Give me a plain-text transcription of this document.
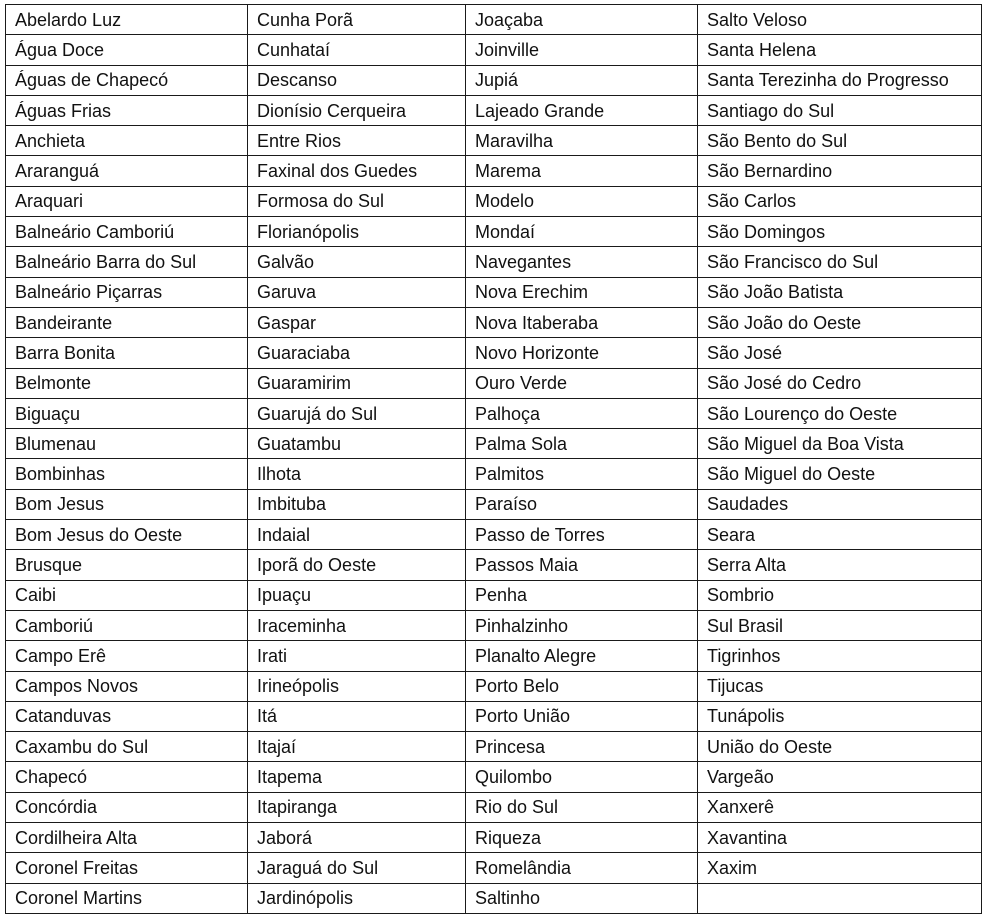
Abelardo Luz	Cunha Porã	Joaçaba	Salto Veloso
Água Doce	Cunhataí	Joinville	Santa Helena
Águas de Chapecó	Descanso	Jupiá	Santa Terezinha do Progresso
Águas Frias	Dionísio Cerqueira	Lajeado Grande	Santiago do Sul
Anchieta	Entre Rios	Maravilha	São Bento do Sul
Araranguá	Faxinal dos Guedes	Marema	São Bernardino
Araquari	Formosa do Sul	Modelo	São Carlos
Balneário Camboriú	Florianópolis	Mondaí	São Domingos
Balneário Barra do Sul	Galvão	Navegantes	São Francisco do Sul
Balneário Piçarras	Garuva	Nova Erechim	São João Batista
Bandeirante	Gaspar	Nova Itaberaba	São João do Oeste
Barra Bonita	Guaraciaba	Novo Horizonte	São José
Belmonte	Guaramirim	Ouro Verde	São José do Cedro
Biguaçu	Guarujá do Sul	Palhoça	São Lourenço do Oeste
Blumenau	Guatambu	Palma Sola	São Miguel da Boa Vista
Bombinhas	Ilhota	Palmitos	São Miguel do Oeste
Bom Jesus	Imbituba	Paraíso	Saudades
Bom Jesus do Oeste	Indaial	Passo de Torres	Seara
Brusque	Iporã do Oeste	Passos Maia	Serra Alta
Caibi	Ipuaçu	Penha	Sombrio
Camboriú	Iraceminha	Pinhalzinho	Sul Brasil
Campo Erê	Irati	Planalto Alegre	Tigrinhos
Campos Novos	Irineópolis	Porto Belo	Tijucas
Catanduvas	Itá	Porto União	Tunápolis
Caxambu do Sul	Itajaí	Princesa	União do Oeste
Chapecó	Itapema	Quilombo	Vargeão
Concórdia	Itapiranga	Rio do Sul	Xanxerê
Cordilheira Alta	Jaborá	Riqueza	Xavantina
Coronel Freitas	Jaraguá do Sul	Romelândia	Xaxim
Coronel Martins	Jardinópolis	Saltinho	
